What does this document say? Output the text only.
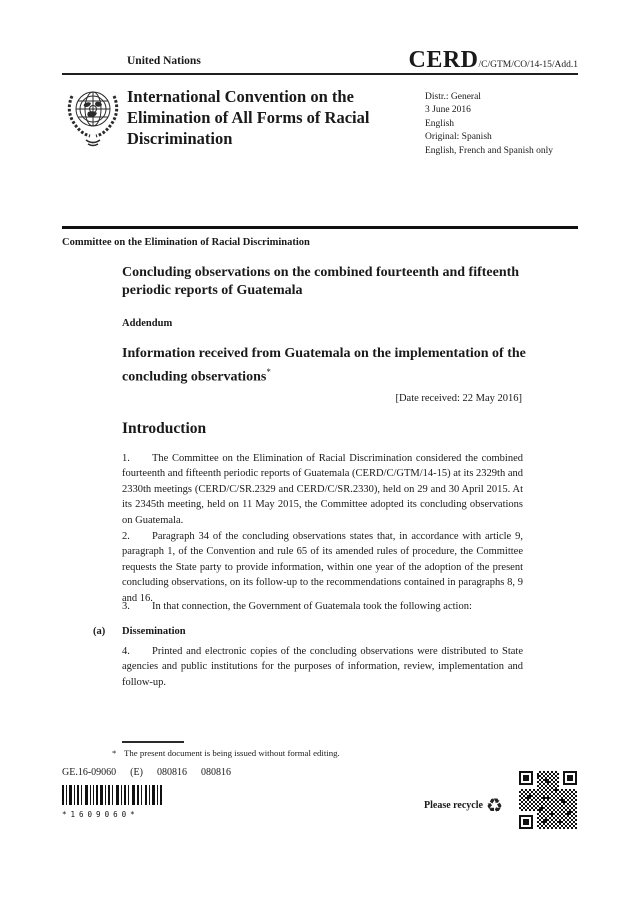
United Nations	CERD/C/GTM/CO/14-15/Add.1
International Convention on the Elimination of All Forms of Racial Discrimination
Distr.: General
3 June 2016
English
Original: Spanish
English, French and Spanish only
Committee on the Elimination of Racial Discrimination
Concluding observations on the combined fourteenth and fifteenth periodic reports of Guatemala
Addendum
Information received from Guatemala on the implementation of the concluding observations*
[Date received: 22 May 2016]
Introduction
1. The Committee on the Elimination of Racial Discrimination considered the combined fourteenth and fifteenth periodic reports of Guatemala (CERD/C/GTM/14-15) at its 2329th and 2330th meetings (CERD/C/SR.2329 and CERD/C/SR.2330), held on 29 and 30 April 2015. At its 2345th meeting, held on 11 May 2015, the Committee adopted its concluding observations on Guatemala.
2. Paragraph 34 of the concluding observations states that, in accordance with article 9, paragraph 1, of the Convention and rule 65 of its amended rules of procedure, the Committee requests the State party to provide information, within one year of the adoption of the present concluding observations, on its follow-up to the recommendations contained in paragraphs 8, 9 and 16.
3. In that connection, the Government of Guatemala took the following action:
(a) Dissemination
4. Printed and electronic copies of the concluding observations were distributed to State agencies and public institutions for the purposes of information, review, implementation and follow-up.
* The present document is being issued without formal editing.
GE.16-09060 (E) 080816 080816
*1609060*
Please recycle ♻
